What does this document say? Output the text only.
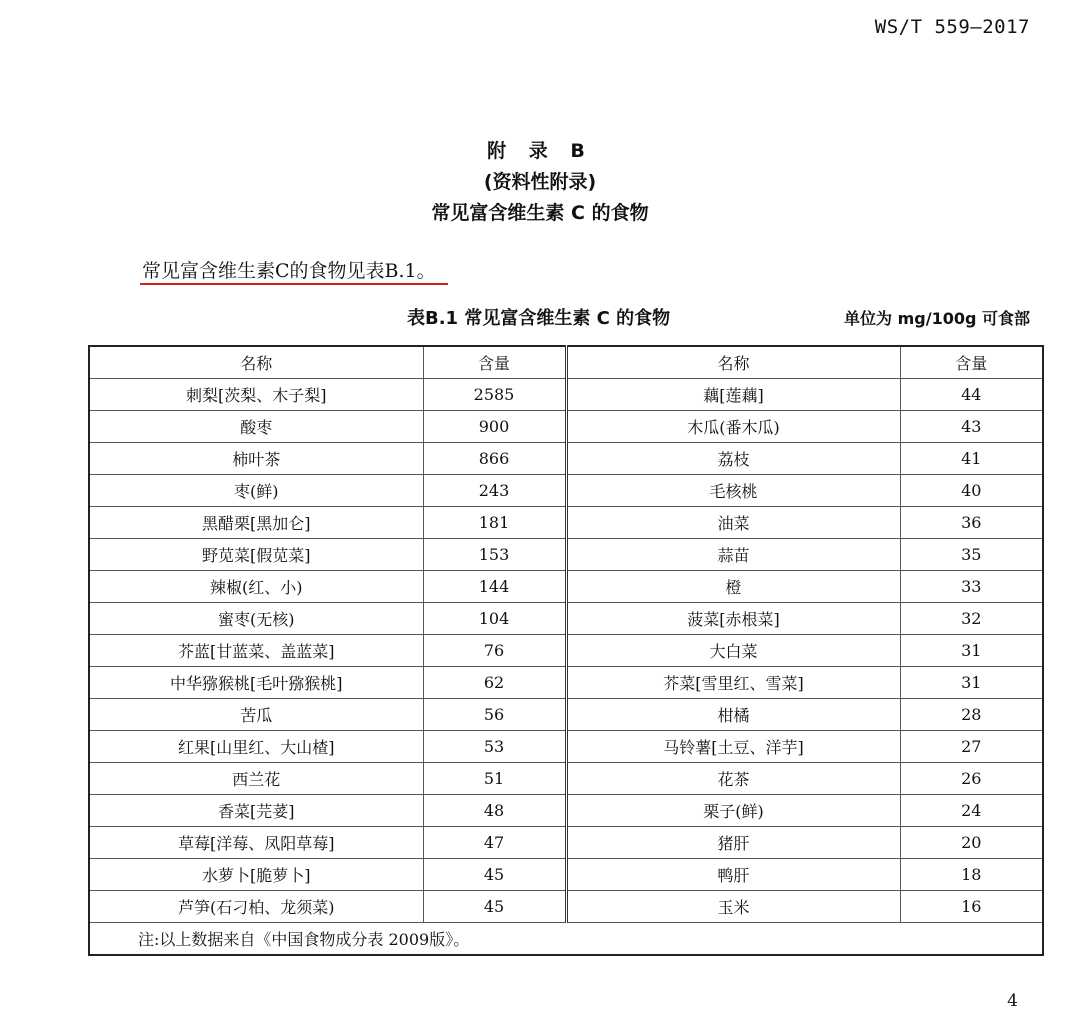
WS/T 559—2017
附 录 B
(资料性附录)
常见富含维生素 C 的食物
常见富含维生素C的食物见表B.1。
表B.1 常见富含维生素 C 的食物	单位为 mg/100g 可食部
名称	含量	名称	含量
刺梨[茨梨、木子梨]	2585	藕[莲藕]	44
酸枣	900	木瓜(番木瓜)	43
柿叶茶	866	荔枝	41
枣(鲜)	243	毛核桃	40
黑醋栗[黑加仑]	181	油菜	36
野苋菜[假苋菜]	153	蒜苗	35
辣椒(红、小)	144	橙	33
蜜枣(无核)	104	菠菜[赤根菜]	32
芥蓝[甘蓝菜、盖蓝菜]	76	大白菜	31
中华猕猴桃[毛叶猕猴桃]	62	芥菜[雪里红、雪菜]	31
苦瓜	56	柑橘	28
红果[山里红、大山楂]	53	马铃薯[土豆、洋芋]	27
西兰花	51	花茶	26
香菜[芫荽]	48	栗子(鲜)	24
草莓[洋莓、凤阳草莓]	47	猪肝	20
水萝卜[脆萝卜]	45	鸭肝	18
芦笋(石刁柏、龙须菜)	45	玉米	16
注:以上数据来自《中国食物成分表 2009版》。			
4
